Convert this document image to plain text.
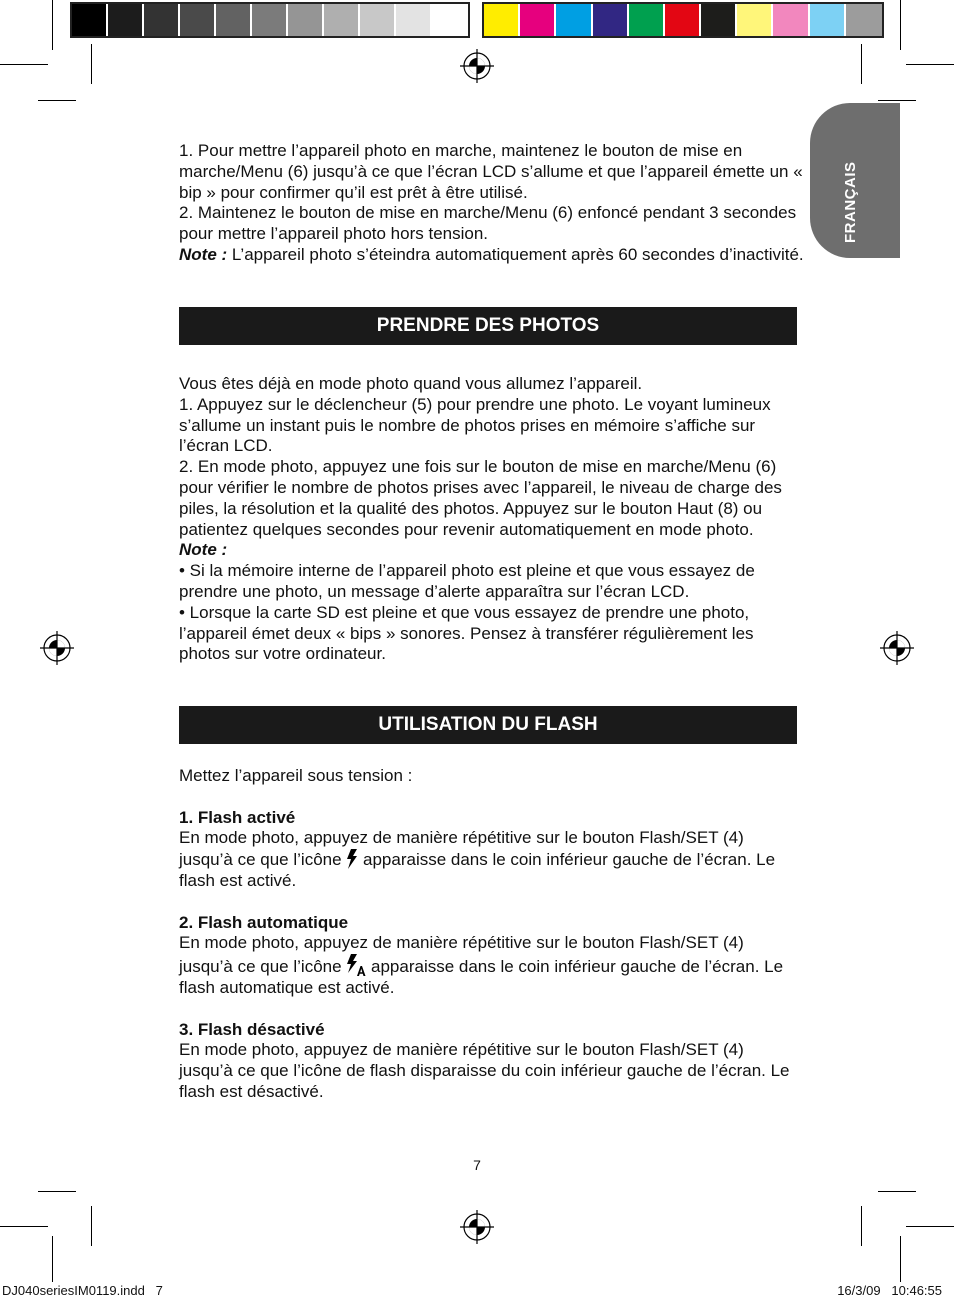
FRANÇAIS

1. Pour mettre l’appareil photo en marche, maintenez le bouton de mise en marche/Menu (6) jusqu’à ce que l’écran LCD s’allume et que l’appareil émette un « bip » pour confirmer qu’il est prêt à être utilisé.

2. Maintenez le bouton de mise en marche/Menu (6) enfoncé pendant 3 secondes pour mettre l’appareil photo hors tension.

Note : L’appareil photo s’éteindra automatiquement après 60 secondes d’inactivité.

PRENDRE DES PHOTOS

Vous êtes déjà en mode photo quand vous allumez l’appareil.

1. Appuyez sur le déclencheur (5) pour prendre une photo. Le voyant lumineux s’allume un instant puis le nombre de photos prises en mémoire s’affiche sur l’écran LCD.

2. En mode photo, appuyez une fois sur le bouton de mise en marche/Menu (6) pour vérifier le nombre de photos prises avec l’appareil, le niveau de charge des piles, la résolution et la qualité des photos. Appuyez sur le bouton Haut (8) ou patientez quelques secondes pour revenir automatiquement en mode photo.

Note :

• Si la mémoire interne de l’appareil photo est pleine et que vous essayez de prendre une photo, un message d’alerte apparaîtra sur l’écran LCD.

• Lorsque la carte SD est pleine et que vous essayez de prendre une photo, l’appareil émet deux « bips » sonores. Pensez à transférer régulièrement les photos sur votre ordinateur.

UTILISATION DU FLASH

Mettez l’appareil sous tension :

1. Flash activé

En mode photo, appuyez de manière répétitive sur le bouton Flash/SET (4) jusqu’à ce que l’icône  apparaisse dans le coin inférieur gauche de l’écran. Le flash est activé.

2. Flash automatique

En mode photo, appuyez de manière répétitive sur le bouton Flash/SET (4) jusqu’à ce que l’icône  apparaisse dans le coin inférieur gauche de l’écran. Le flash automatique est activé.

3. Flash désactivé

En mode photo, appuyez de manière répétitive sur le bouton Flash/SET (4) jusqu’à ce que l’icône de flash disparaisse du coin inférieur gauche de l’écran. Le flash est désactivé.

7
DJ040seriesIM0119.indd   7	16/3/09   10:46:55
